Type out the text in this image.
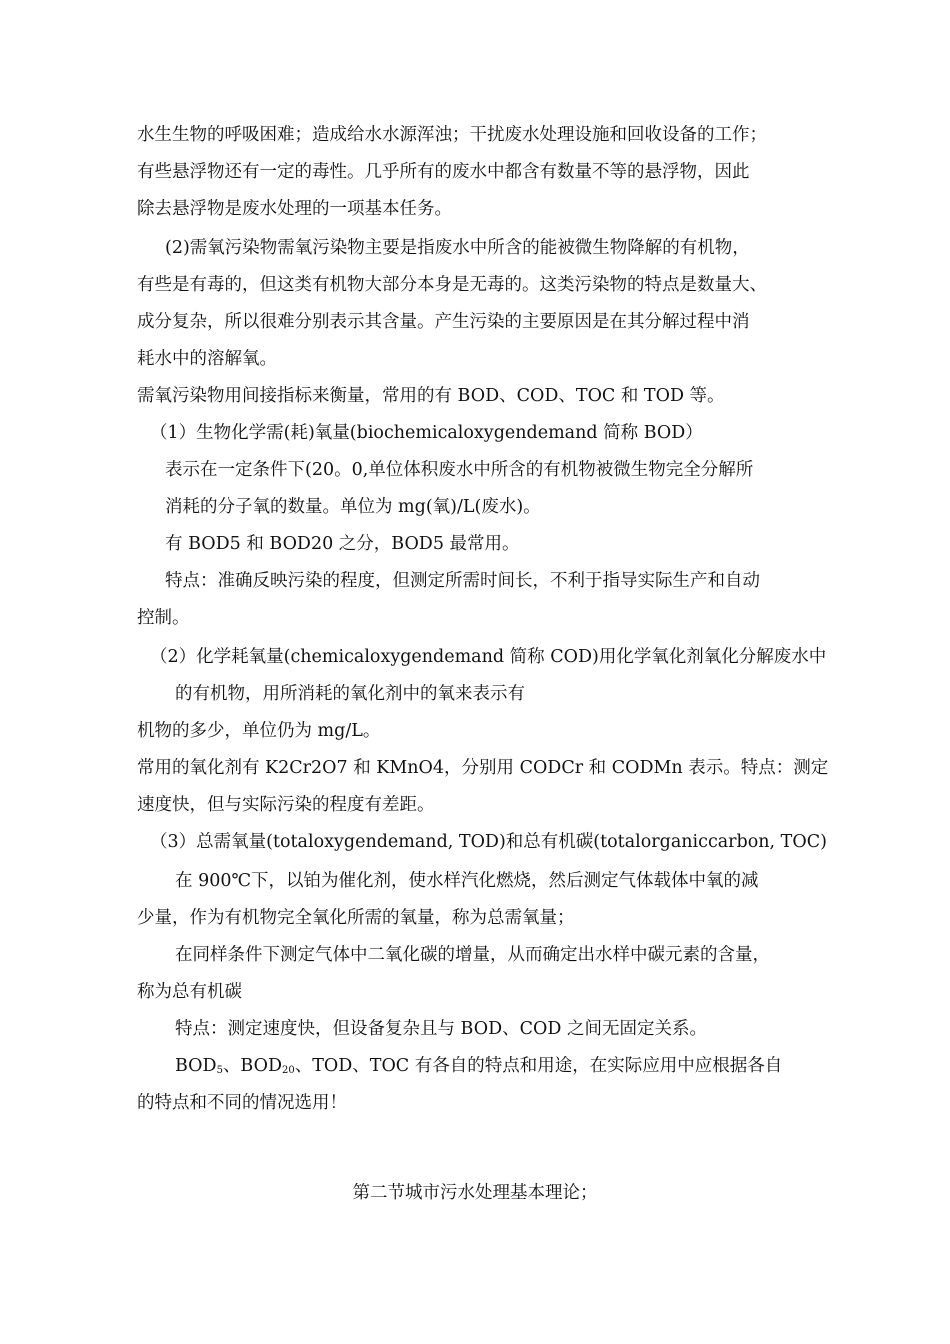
水生生物的呼吸困难；造成给水水源浑浊；干扰废水处理设施和回收设备的工作；
有些悬浮物还有一定的毒性。几乎所有的废水中都含有数量不等的悬浮物，因此
除去悬浮物是废水处理的一项基本任务。
(2)需氧污染物需氧污染物主要是指废水中所含的能被微生物降解的有机物，
有些是有毒的，但这类有机物大部分本身是无毒的。这类污染物的特点是数量大、
成分复杂，所以很难分别表示其含量。产生污染的主要原因是在其分解过程中消
耗水中的溶解氧。
需氧污染物用间接指标来衡量，常用的有 BOD、COD、TOC 和 TOD 等。
（1）生物化学需(耗)氧量(biochemicaloxygendemand 简称 BOD）
表示在一定条件下(20。0,单位体积废水中所含的有机物被微生物完全分解所
消耗的分子氧的数量。单位为 mg(氧)/L(废水)。
有 BOD5 和 BOD20 之分，BOD5 最常用。
特点：准确反映污染的程度，但测定所需时间长，不利于指导实际生产和自动
控制。
（2）化学耗氧量(chemicaloxygendemand 简称 COD)用化学氧化剂氧化分解废水中
的有机物，用所消耗的氧化剂中的氧来表示有
机物的多少，单位仍为 mg/L。
常用的氧化剂有 K2Cr2O7 和 KMnO4，分别用 CODCr 和 CODMn 表示。特点：测定
速度快，但与实际污染的程度有差距。
（3）总需氧量(totaloxygendemand, TOD)和总有机碳(totalorganiccarbon, TOC)
在 900℃下，以铂为催化剂，使水样汽化燃烧，然后测定气体载体中氧的减
少量，作为有机物完全氧化所需的氧量，称为总需氧量；
在同样条件下测定气体中二氧化碳的增量，从而确定出水样中碳元素的含量，
称为总有机碳
特点：测定速度快，但设备复杂且与 BOD、COD 之间无固定关系。
$BOD_5$、$BOD_{20}$、TOD、TOC 有各自的特点和用途，在实际应用中应根据各自
的特点和不同的情况选用！
第二节城市污水处理基本理论；
